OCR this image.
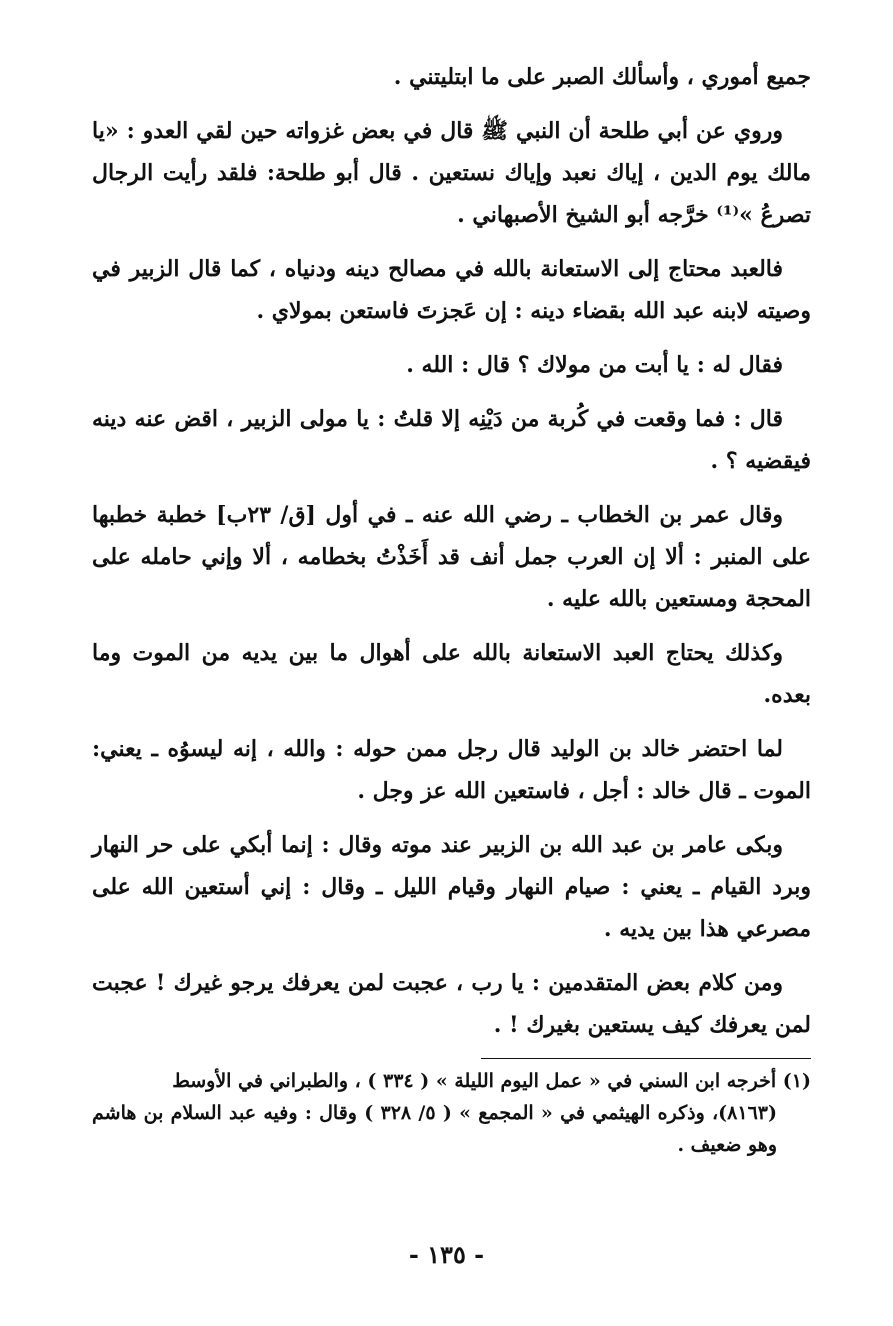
جميع أموري ، وأسألك الصبر على ما ابتليتني .

وروي عن أبي طلحة أن النبي ﷺ قال في بعض غزواته حين لقي العدو : «يا مالك يوم الدين ، إياك نعبد وإياك نستعين . قال أبو طلحة: فلقد رأيت الرجال تصرعُ »⁽¹⁾ خرَّجه أبو الشيخ الأصبهاني .

فالعبد محتاج إلى الاستعانة بالله في مصالح دينه ودنياه ، كما قال الزبير في وصيته لابنه عبد الله بقضاء دينه : إن عَجزتَ فاستعن بمولاي .

فقال له : يا أبت من مولاك ؟ قال : الله .

قال : فما وقعت في كُربة من دَيْنِه إلا قلتُ : يا مولى الزبير ، اقض عنه دينه فيقضيه ؟ .

وقال عمر بن الخطاب ـ رضي الله عنه ـ في أول [ق/ ٢٣ب] خطبة خطبها على المنبر : ألا إن العرب جمل أنف قد أَخَذْتُ بخطامه ، ألا وإني حامله على المحجة ومستعين بالله عليه .

وكذلك يحتاج العبد الاستعانة بالله على أهوال ما بين يديه من الموت وما بعده.

لما احتضر خالد بن الوليد قال رجل ممن حوله : والله ، إنه ليسوُه ـ يعني: الموت ـ قال خالد : أجل ، فاستعين الله عز وجل .

وبكى عامر بن عبد الله بن الزبير عند موته وقال : إنما أبكي على حر النهار وبرد القيام ـ يعني : صيام النهار وقيام الليل ـ وقال : إني أستعين الله على مصرعي هذا بين يديه .

ومن كلام بعض المتقدمين : يا رب ، عجبت لمن يعرفك يرجو غيرك ! عجبت لمن يعرفك كيف يستعين بغيرك ! .

(١) أخرجه ابن السني في « عمل اليوم الليلة » ( ٣٣٤ ) ، والطبراني في الأوسط
(٨١٦٣)، وذكره الهيثمي في « المجمع » ( ٥/ ٣٢٨ ) وقال : وفيه عبد السلام بن هاشم وهو ضعيف .
- ١٣٥ -
